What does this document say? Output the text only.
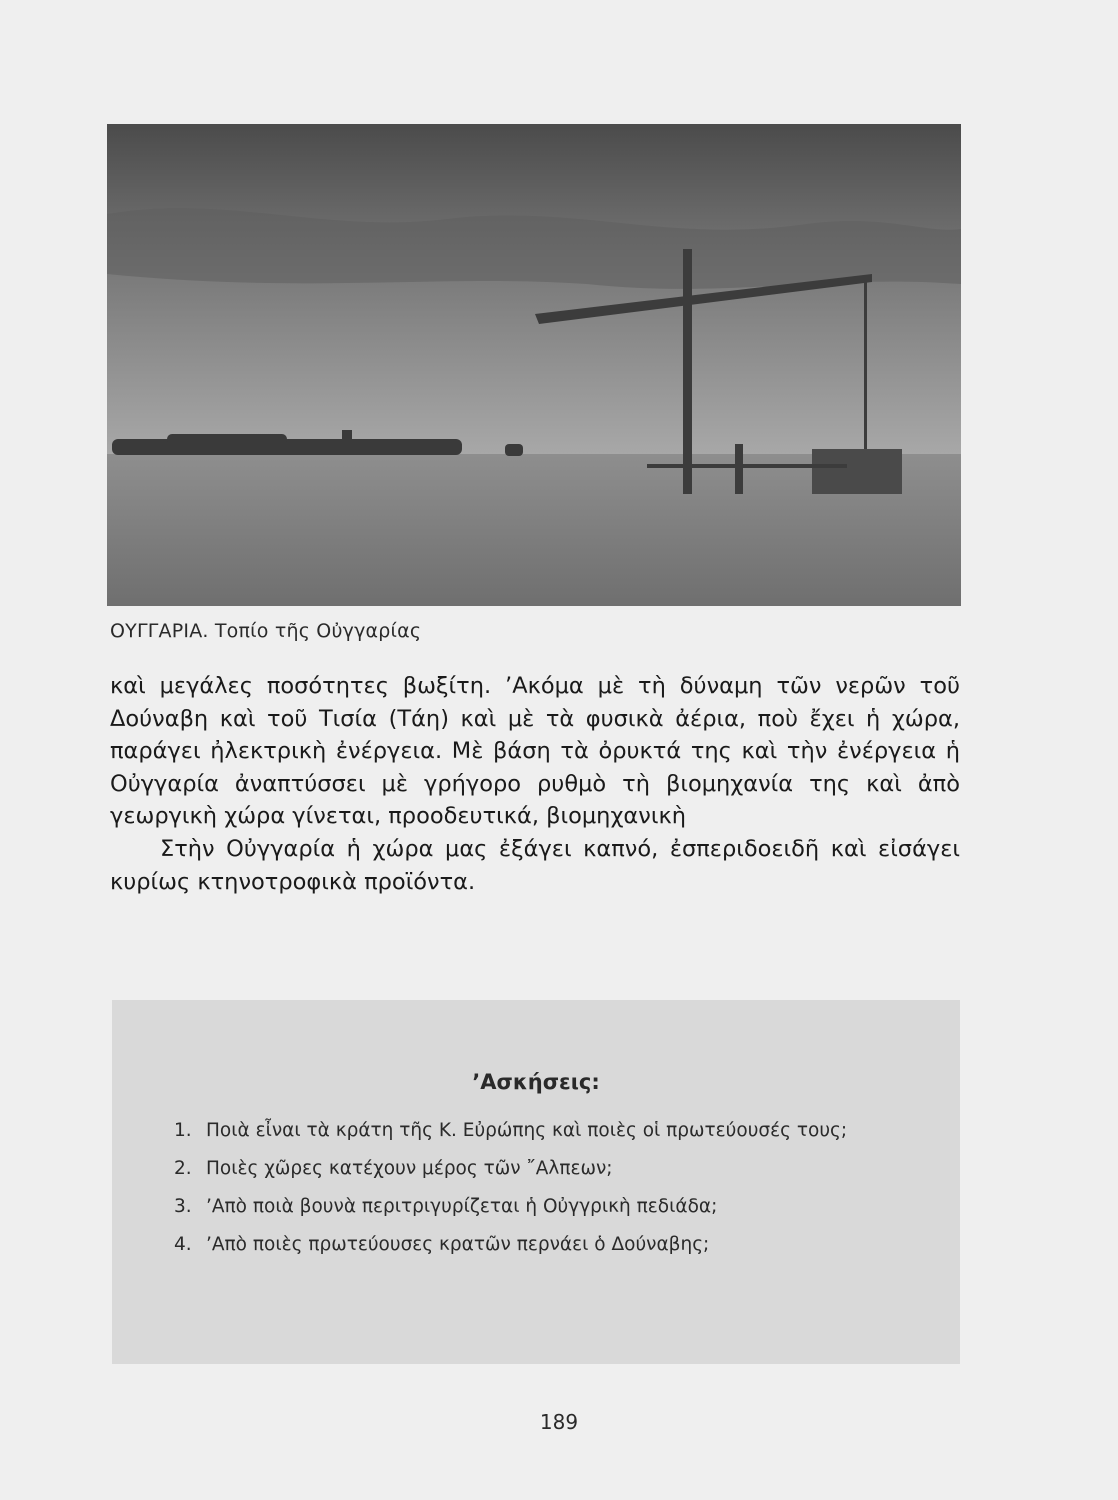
ΟΥΓΓΑΡΙΑ. Τοπίο τῆς Οὐγγαρίας

καὶ μεγάλες ποσότητες βωξίτη. ’Ακόμα μὲ τὴ δύναμη τῶν νερῶν τοῦ Δούναβη καὶ τοῦ Τισία (Τάη) καὶ μὲ τὰ φυσικὰ ἀέρια, ποὺ ἔχει ἡ χώρα, παράγει ἠλεκτρικὴ ἐνέργεια. Μὲ βάση τὰ ὀρυκτά της καὶ τὴν ἐνέργεια ἡ Οὐγγαρία ἀναπτύσσει μὲ γρήγορο ρυθμὸ τὴ βιομηχανία της καὶ ἀπὸ γεωργικὴ χώρα γίνεται, προοδευτικά, βιομηχανικὴ

Στὴν Οὐγγαρία ἡ χώρα μας ἐξάγει καπνό, ἐσπεριδοειδῆ καὶ εἰσάγει κυρίως κτηνοτροφικὰ προϊόντα.

’Ασκήσεις:
1. Ποιὰ εἶναι τὰ κράτη τῆς Κ. Εὐρώπης καὶ ποιὲς οἱ πρωτεύουσές τους;
2. Ποιὲς χῶρες κατέχουν μέρος τῶν ῎Αλπεων;
3. ’Απὸ ποιὰ βουνὰ περιτριγυρίζεται ἡ Οὐγγρικὴ πεδιάδα;
4. ’Απὸ ποιὲς πρωτεύουσες κρατῶν περνάει ὁ Δούναβης;
189
